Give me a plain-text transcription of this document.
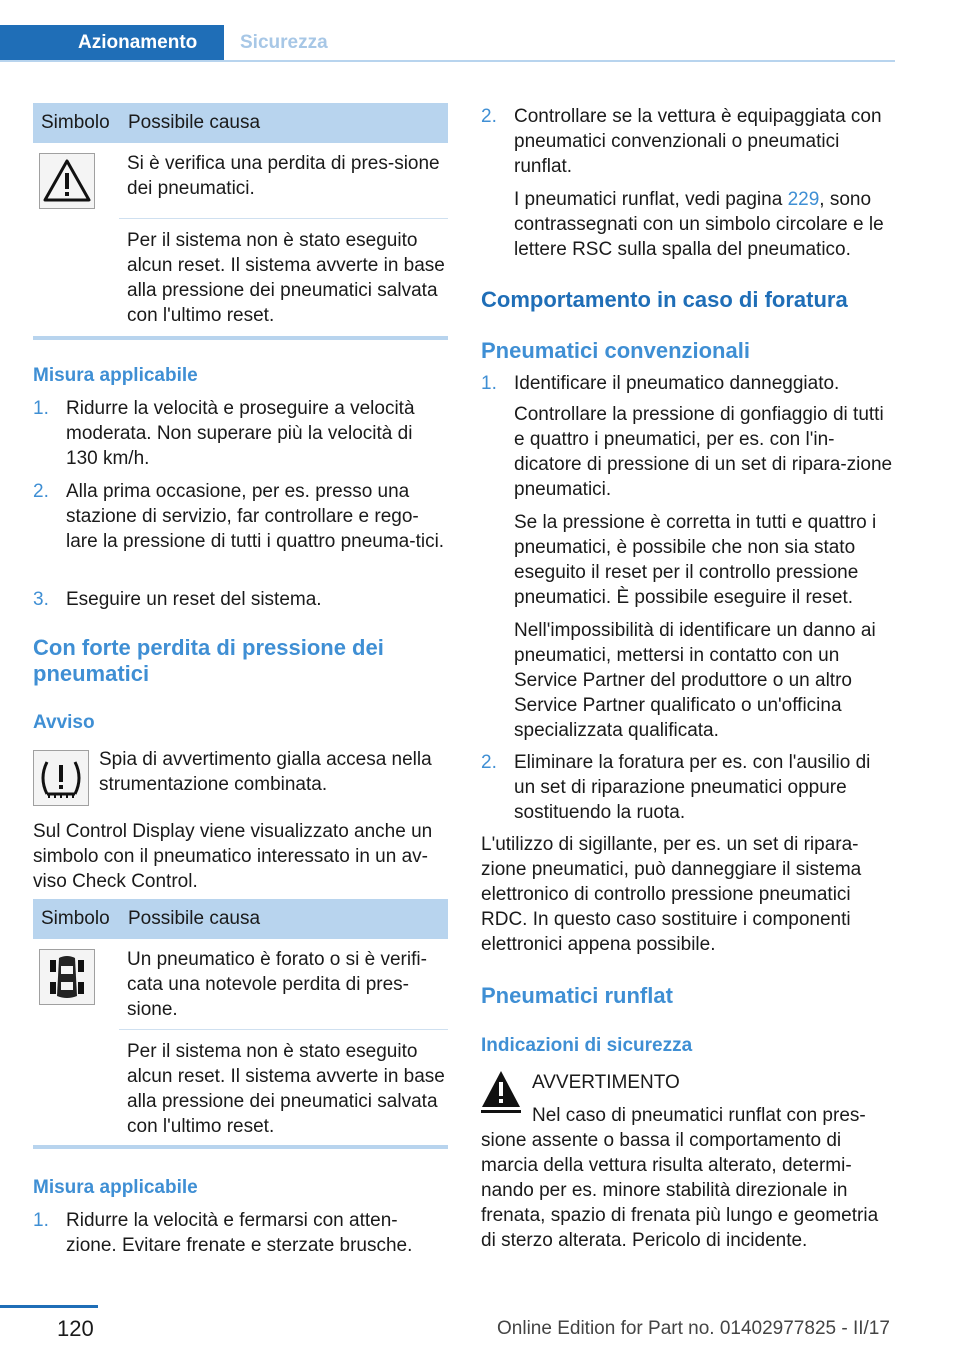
Azionamento	Sicurezza
Simbolo Possibile causa
Si è verifica una perdita di pres-sione dei pneumatici.
Per il sistema non è stato eseguito alcun reset. Il sistema avverte in base alla pressione dei pneumatici salvata con l'ultimo reset.
Misura applicabile
1. Ridurre la velocità e proseguire a velocità moderata. Non superare più la velocità di 130 km/h.
2. Alla prima occasione, per es. presso una stazione di servizio, far controllare e rego-lare la pressione di tutti i quattro pneuma-tici.
3. Eseguire un reset del sistema.
Con forte perdita di pressione dei pneumatici
Avviso
Spia di avvertimento gialla accesa nella strumentazione combinata.
Sul Control Display viene visualizzato anche un simbolo con il pneumatico interessato in un av-viso Check Control.
Simbolo Possibile causa
Un pneumatico è forato o si è verifi-cata una notevole perdita di pres-sione.
Per il sistema non è stato eseguito alcun reset. Il sistema avverte in base alla pressione dei pneumatici salvata con l'ultimo reset.
Misura applicabile
1. Ridurre la velocità e fermarsi con atten-zione. Evitare frenate e sterzate brusche.
2. Controllare se la vettura è equipaggiata con pneumatici convenzionali o pneumatici runflat.
I pneumatici runflat, vedi pagina 229, sono contrassegnati con un simbolo circolare e le lettere RSC sulla spalla del pneumatico.
Comportamento in caso di foratura
Pneumatici convenzionali
1. Identificare il pneumatico danneggiato.
Controllare la pressione di gonfiaggio di tutti e quattro i pneumatici, per es. con l'in-dicatore di pressione di un set di ripara-zione pneumatici.
Se la pressione è corretta in tutti e quattro i pneumatici, è possibile che non sia stato eseguito il reset per il controllo pressione pneumatici. È possibile eseguire il reset.
Nell'impossibilità di identificare un danno ai pneumatici, mettersi in contatto con un Service Partner del produttore o un altro Service Partner qualificato o un'officina specializzata qualificata.
2. Eliminare la foratura per es. con l'ausilio di un set di riparazione pneumatici oppure sostituendo la ruota.
L'utilizzo di sigillante, per es. un set di ripara-zione pneumatici, può danneggiare il sistema elettronico di controllo pressione pneumatici RDC. In questo caso sostituire i componenti elettronici appena possibile.
Pneumatici runflat
Indicazioni di sicurezza
AVVERTIMENTO
Nel caso di pneumatici runflat con pres-sione assente o bassa il comportamento di marcia della vettura risulta alterato, determi-nando per es. minore stabilità direzionale in frenata, spazio di frenata più lungo e geometria di sterzo alterata. Pericolo di incidente.
120	Online Edition for Part no. 01402977825 - II/17
